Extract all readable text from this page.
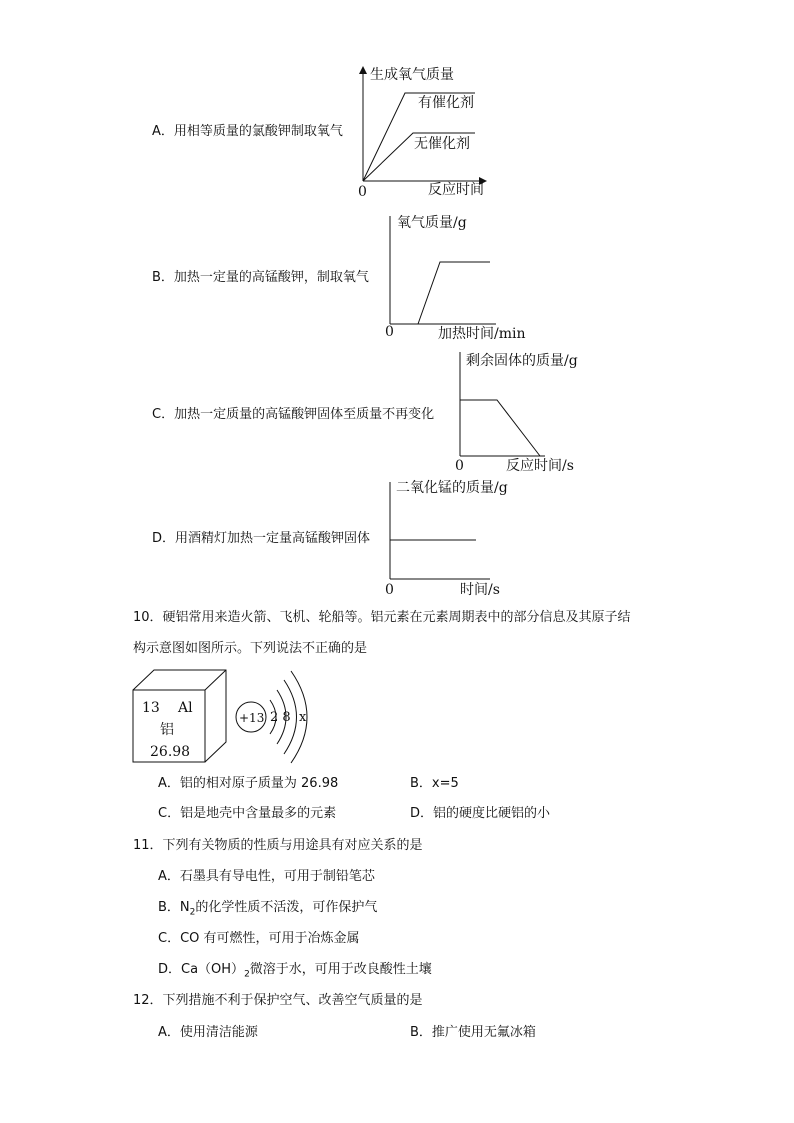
A．用相等质量的氯酸钾制取氧气
生成氧气质量
有催化剂
无催化剂
0	反应时间
B．加热一定量的高锰酸钾，制取氧气
氧气质量/g
0	加热时间/min
C．加热一定质量的高锰酸钾固体至质量不再变化
剩余固体的质量/g
0	反应时间/s
D．用酒精灯加热一定量高锰酸钾固体
二氧化锰的质量/g
0	时间/s
10．硬铝常用来造火箭、飞机、轮船等。铝元素在元素周期表中的部分信息及其原子结
构示意图如图所示。下列说法不正确的是
13 Al
铝
26.98
+13 2 8  x
A．铝的相对原子质量为 26.98	B．x=5
C．铝是地壳中含量最多的元素	D．铝的硬度比硬铝的小
11．下列有关物质的性质与用途具有对应关系的是
A．石墨具有导电性，可用于制铅笔芯
B．$N_2$的化学性质不活泼，可作保护气
C．CO 有可燃性，可用于冶炼金属
D．$Ca(OH)_2$微溶于水，可用于改良酸性土壤
12．下列措施不利于保护空气、改善空气质量的是
A．使用清洁能源	B．推广使用无氟冰箱
